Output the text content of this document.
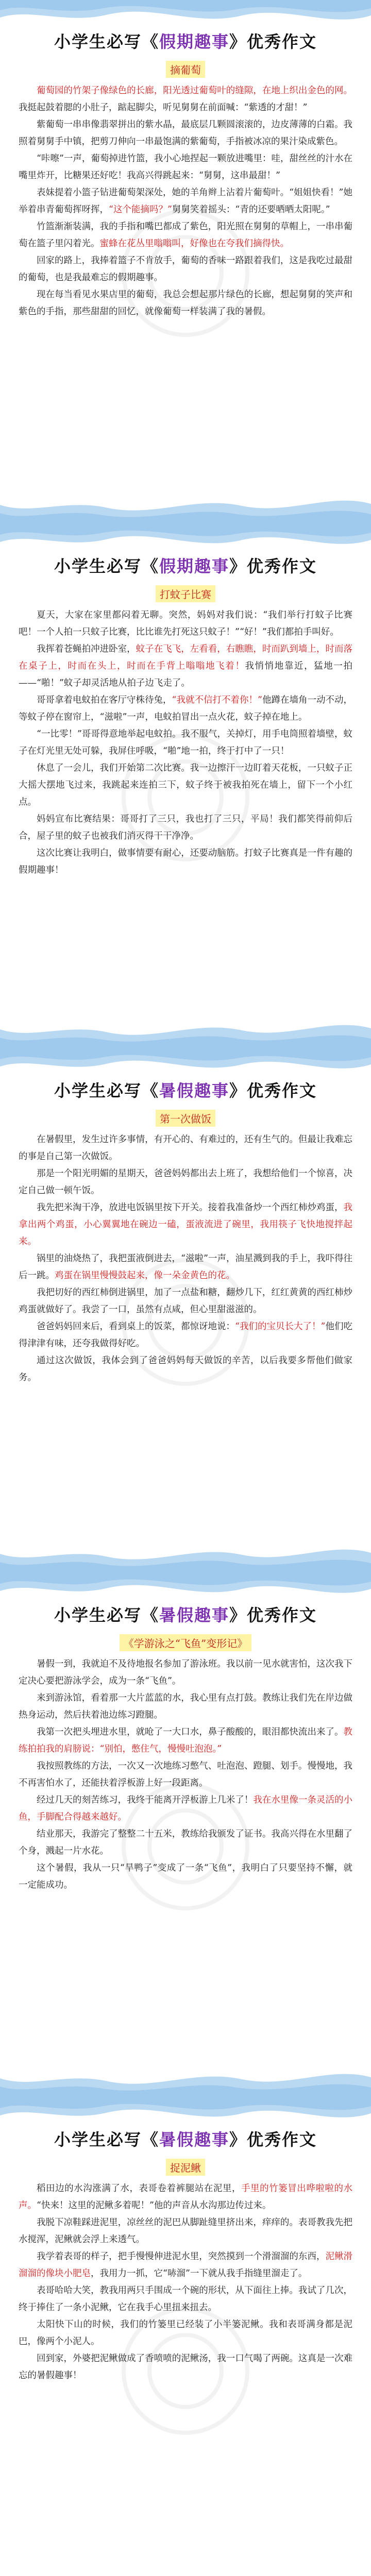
小学生必写《假期趣事》优秀作文
摘葡萄

葡萄园的竹架子像绿色的长廊，阳光透过葡萄叶的缝隙，在地上织出金色的网。我挺起鼓着腮的小肚子，踮起脚尖，听见舅舅在前面喊：“紫透的才甜！”

紫葡萄一串串像翡翠拼出的紫水晶，最底层几颗圆滚滚的，边皮薄薄的白霜。我照着舅舅手中镇，把剪刀伸向一串最饱满的紫葡萄，手指被冰凉的果汁染成紫色。

“咔嚓”一声，葡萄掉进竹篮，我小心地捏起一颗放进嘴里：哇，甜丝丝的汁水在嘴里炸开，比糖果还好吃！我高兴得跳起来：“舅舅，这串最甜！”

表妹提着小篮子钻进葡萄架深处，她的羊角辫上沾着片葡萄叶。“姐姐快看！”她举着串青葡萄挥呀挥，“这个能摘吗？”舅舅笑着摇头：“青的还要晒晒太阳呢。”

竹篮渐渐装满，我的手指和嘴巴都成了紫色，阳光照在舅舅的草帽上，一串串葡萄在篮子里闪着光。蜜蜂在花丛里嗡嗡叫，好像也在夸我们摘得快。

回家的路上，我捧着篮子不肯放手，葡萄的香味一路跟着我们，这是我吃过最甜的葡萄，也是我最难忘的假期趣事。

现在每当看见水果店里的葡萄，我总会想起那片绿色的长廊，想起舅舅的笑声和紫色的手指，那些甜甜的回忆，就像葡萄一样装满了我的暑假。

小学生必写《假期趣事》优秀作文
打蚊子比赛

夏天，大家在家里都闷着无聊。突然，妈妈对我们说：“我们举行打蚊子比赛吧！一个人拍一只蚊子比赛，比比谁先打死这只蚊子！”“好！”我们都拍手叫好。

我挥着苍蝇拍冲进卧室，蚊子在飞飞，左看看，右瞧瞧，时而趴到墙上，时而落在桌子上，时而在头上，时而在手背上嗡嗡地飞着！我悄悄地靠近，猛地一拍——“啪！”蚊子却灵活地从拍子边飞走了。

哥哥拿着电蚊拍在客厅守株待兔，“我就不信打不着你！”他蹲在墙角一动不动，等蚊子停在窗帘上，“滋啦”一声，电蚊拍冒出一点火花，蚊子掉在地上。

“一比零！”哥哥得意地举起电蚊拍。我不服气，关掉灯，用手电筒照着墙壁，蚊子在灯光里无处可躲，我屏住呼吸，“啪”地一拍，终于打中了一只！

休息了一会儿，我们开始第二次比赛。我一边擦汗一边盯着天花板，一只蚊子正大摇大摆地飞过来，我跳起来连拍三下，蚊子终于被我拍死在墙上，留下一个小红点。

妈妈宣布比赛结果：哥哥打了三只，我也打了三只，平局！我们都笑得前仰后合，屋子里的蚊子也被我们消灭得干干净净。

这次比赛让我明白，做事情要有耐心，还要动脑筋。打蚊子比赛真是一件有趣的假期趣事！

小学生必写《暑假趣事》优秀作文
第一次做饭

在暑假里，发生过许多事情，有开心的、有难过的，还有生气的。但最让我难忘的事是自己第一次做饭。

那是一个阳光明媚的星期天，爸爸妈妈都出去上班了，我想给他们一个惊喜，决定自己做一顿午饭。

我先把米淘干净，放进电饭锅里按下开关。接着我准备炒一个西红柿炒鸡蛋，我拿出两个鸡蛋，小心翼翼地在碗边一磕，蛋液流进了碗里，我用筷子飞快地搅拌起来。

锅里的油烧热了，我把蛋液倒进去，“滋啦”一声，油星溅到我的手上，我吓得往后一跳。鸡蛋在锅里慢慢鼓起来，像一朵金黄色的花。

我把切好的西红柿倒进锅里，加了一点盐和糖，翻炒几下，红红黄黄的西红柿炒鸡蛋就做好了。我尝了一口，虽然有点咸，但心里甜滋滋的。

爸爸妈妈回来后，看到桌上的饭菜，都惊讶地说：“我们的宝贝长大了！”他们吃得津津有味，还夸我做得好吃。

通过这次做饭，我体会到了爸爸妈妈每天做饭的辛苦，以后我要多帮他们做家务。

小学生必写《暑假趣事》优秀作文
《学游泳之“飞鱼”变形记》

暑假一到，我就迫不及待地报名参加了游泳班。我以前一见水就害怕，这次我下定决心要把游泳学会，成为一条“飞鱼”。

来到游泳馆，看着那一大片蓝蓝的水，我心里有点打鼓。教练让我们先在岸边做热身运动，然后扶着池边练习蹬腿。

我第一次把头埋进水里，就呛了一大口水，鼻子酸酸的，眼泪都快流出来了。教练拍拍我的肩膀说：“别怕，憋住气，慢慢吐泡泡。”

我按照教练的方法，一次又一次地练习憋气、吐泡泡、蹬腿、划手。慢慢地，我不再害怕水了，还能扶着浮板游上好一段距离。

经过几天的刻苦练习，我终于能离开浮板游上几米了！我在水里像一条灵活的小鱼，手脚配合得越来越好。

结业那天，我游完了整整二十五米，教练给我颁发了证书。我高兴得在水里翻了个身，溅起一片水花。

这个暑假，我从一只“旱鸭子”变成了一条“飞鱼”，我明白了只要坚持不懈，就一定能成功。

小学生必写《暑假趣事》优秀作文
捉泥鳅

稻田边的水沟涨满了水，表哥卷着裤腿站在泥里，手里的竹篓冒出哗啦啦的水声。“快来！这里的泥鳅多着呢！”他的声音从水沟那边传过来。

我脱下凉鞋踩进泥里，凉丝丝的泥巴从脚趾缝里挤出来，痒痒的。表哥教我先把水搅浑，泥鳅就会浮上来透气。

我学着表哥的样子，把手慢慢伸进泥水里，突然摸到一个滑溜溜的东西，泥鳅滑溜溜的像块小肥皂，我用力一抓，它“哧溜”一下就从我手指缝里溜走了。

表哥哈哈大笑，教我用两只手围成一个碗的形状，从下面往上捧。我试了几次，终于捧住了一条小泥鳅，它在我手心里扭来扭去。

太阳快下山的时候，我们的竹篓里已经装了小半篓泥鳅。我和表哥满身都是泥巴，像两个小泥人。

回到家，外婆把泥鳅做成了香喷喷的泥鳅汤，我一口气喝了两碗。这真是一次难忘的暑假趣事！
